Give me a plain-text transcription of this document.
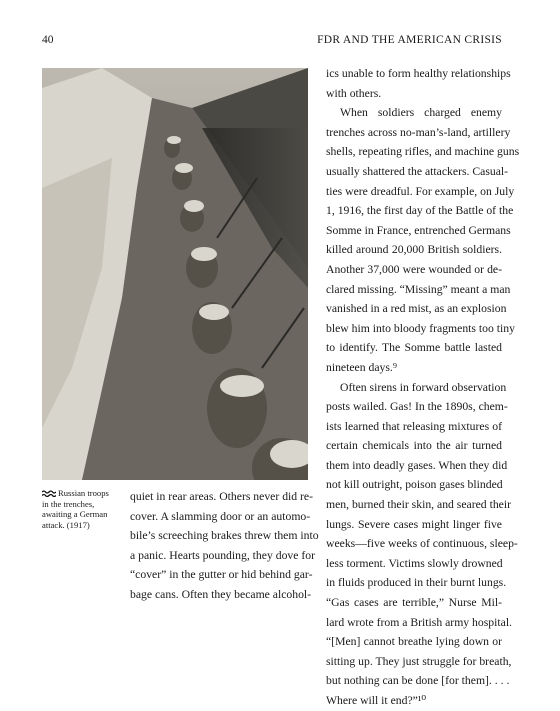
40	FDR AND THE AMERICAN CRISIS
Russian troops in the trenches, awaiting a German attack. (1917)
quiet in rear areas. Others never did re-
cover. A slamming door or an automo-
bile’s screeching brakes threw them into
a panic. Hearts pounding, they dove for
“cover” in the gutter or hid behind gar-
bage cans. Often they became alcohol-
ics unable to form healthy relationships
with others.
When soldiers charged enemy
trenches across no-man’s-land, artillery
shells, repeating rifles, and machine guns
usually shattered the attackers. Casual-
ties were dreadful. For example, on July
1, 1916, the first day of the Battle of the
Somme in France, entrenched Germans
killed around 20,000 British soldiers.
Another 37,000 were wounded or de-
clared missing. “Missing” meant a man
vanished in a red mist, as an explosion
blew him into bloody fragments too tiny
to identify. The Somme battle lasted
nineteen days.⁹
Often sirens in forward observation
posts wailed. Gas! In the 1890s, chem-
ists learned that releasing mixtures of
certain chemicals into the air turned
them into deadly gases. When they did
not kill outright, poison gases blinded
men, burned their skin, and seared their
lungs. Severe cases might linger five
weeks—five weeks of continuous, sleep-
less torment. Victims slowly drowned
in fluids produced in their burnt lungs.
“Gas cases are terrible,” Nurse Mil-
lard wrote from a British army hospital.
“[Men] cannot breathe lying down or
sitting up. They just struggle for breath,
but nothing can be done [for them]. . . .
Where will it end?”¹⁰
